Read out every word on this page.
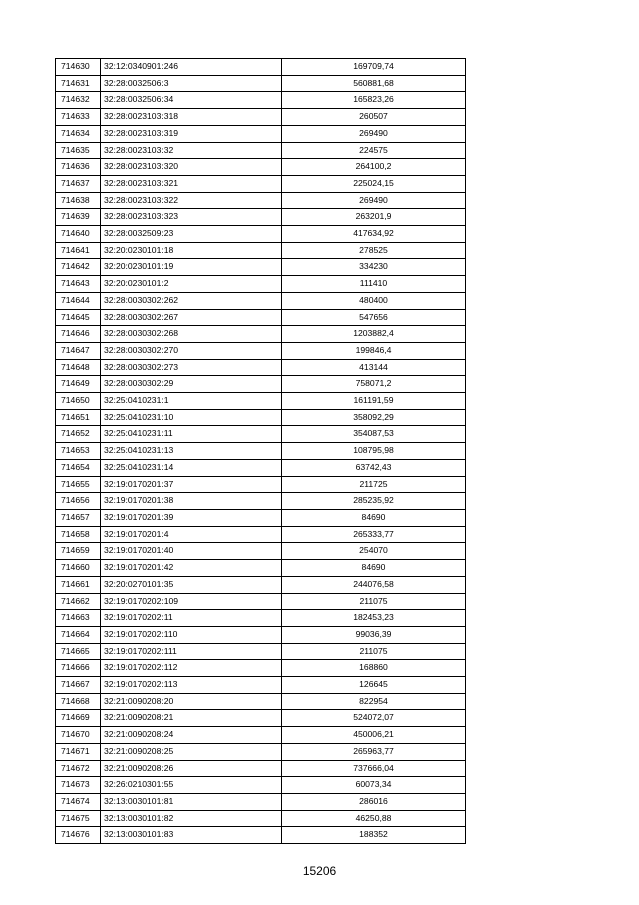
714630	32:12:0340901:246	169709,74
714631	32:28:0032506:3	560881,68
714632	32:28:0032506:34	165823,26
714633	32:28:0023103:318	260507
714634	32:28:0023103:319	269490
714635	32:28:0023103:32	224575
714636	32:28:0023103:320	264100,2
714637	32:28:0023103:321	225024,15
714638	32:28:0023103:322	269490
714639	32:28:0023103:323	263201,9
714640	32:28:0032509:23	417634,92
714641	32:20:0230101:18	278525
714642	32:20:0230101:19	334230
714643	32:20:0230101:2	111410
714644	32:28:0030302:262	480400
714645	32:28:0030302:267	547656
714646	32:28:0030302:268	1203882,4
714647	32:28:0030302:270	199846,4
714648	32:28:0030302:273	413144
714649	32:28:0030302:29	758071,2
714650	32:25:0410231:1	161191,59
714651	32:25:0410231:10	358092,29
714652	32:25:0410231:11	354087,53
714653	32:25:0410231:13	108795,98
714654	32:25:0410231:14	63742,43
714655	32:19:0170201:37	211725
714656	32:19:0170201:38	285235,92
714657	32:19:0170201:39	84690
714658	32:19:0170201:4	265333,77
714659	32:19:0170201:40	254070
714660	32:19:0170201:42	84690
714661	32:20:0270101:35	244076,58
714662	32:19:0170202:109	211075
714663	32:19:0170202:11	182453,23
714664	32:19:0170202:110	99036,39
714665	32:19:0170202:111	211075
714666	32:19:0170202:112	168860
714667	32:19:0170202:113	126645
714668	32:21:0090208:20	822954
714669	32:21:0090208:21	524072,07
714670	32:21:0090208:24	450006,21
714671	32:21:0090208:25	265963,77
714672	32:21:0090208:26	737666,04
714673	32:26:0210301:55	60073,34
714674	32:13:0030101:81	286016
714675	32:13:0030101:82	46250,88
714676	32:13:0030101:83	188352
15206
